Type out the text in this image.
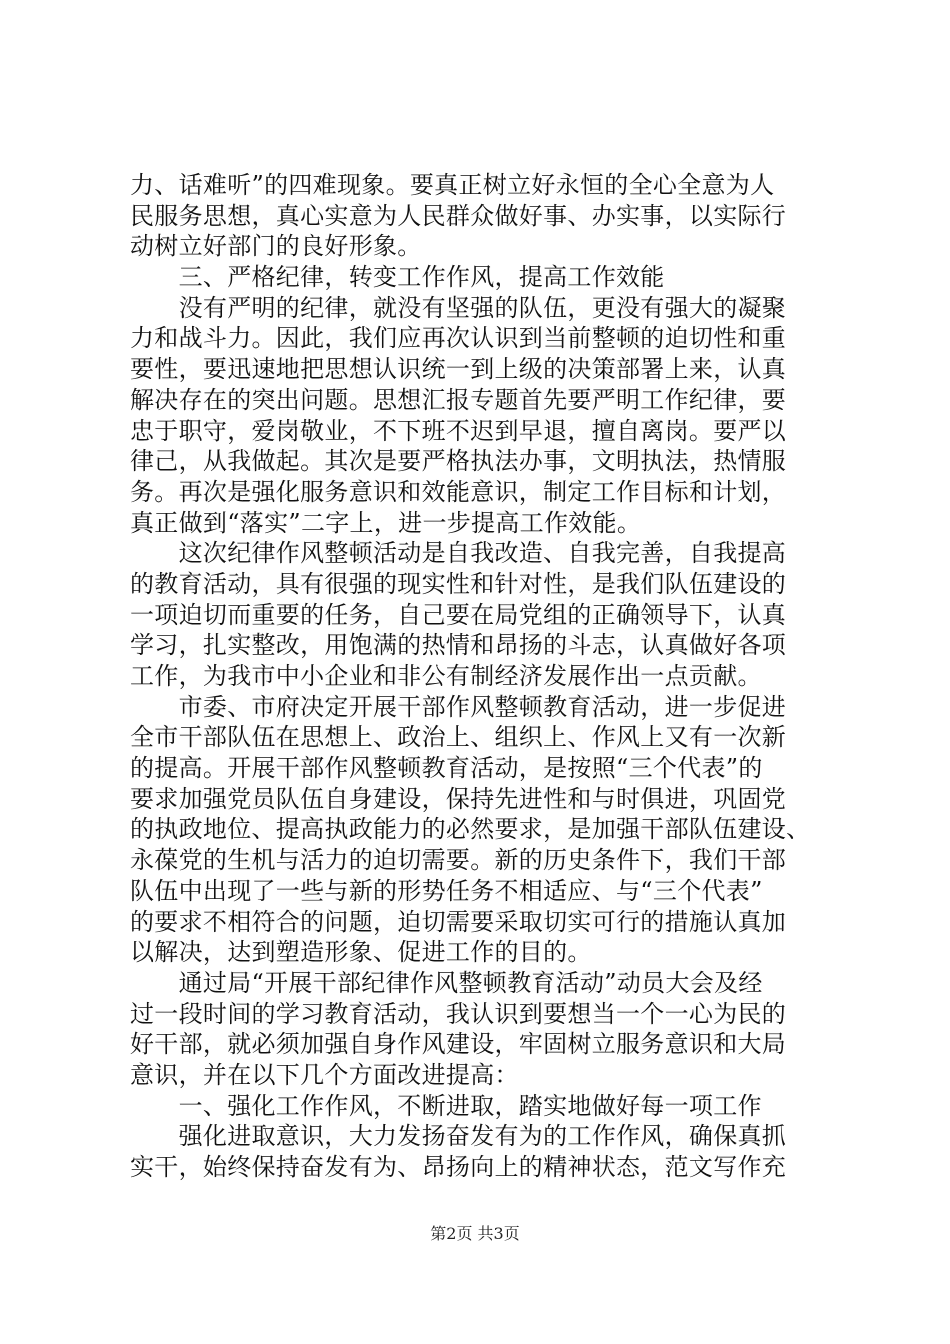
力、话难听”的四难现象。要真正树立好永恒的全心全意为人
民服务思想，真心实意为人民群众做好事、办实事，以实际行
动树立好部门的良好形象。
　　三、严格纪律，转变工作作风，提高工作效能
　　没有严明的纪律，就没有坚强的队伍，更没有强大的凝聚
力和战斗力。因此，我们应再次认识到当前整顿的迫切性和重
要性，要迅速地把思想认识统一到上级的决策部署上来，认真
解决存在的突出问题。思想汇报专题首先要严明工作纪律，要
忠于职守，爱岗敬业，不下班不迟到早退，擅自离岗。要严以
律己，从我做起。其次是要严格执法办事，文明执法，热情服
务。再次是强化服务意识和效能意识，制定工作目标和计划，
真正做到“落实”二字上，进一步提高工作效能。
　　这次纪律作风整顿活动是自我改造、自我完善，自我提高
的教育活动，具有很强的现实性和针对性，是我们队伍建设的
一项迫切而重要的任务，自己要在局党组的正确领导下，认真
学习，扎实整改，用饱满的热情和昂扬的斗志，认真做好各项
工作，为我市中小企业和非公有制经济发展作出一点贡献。
　　市委、市府决定开展干部作风整顿教育活动，进一步促进
全市干部队伍在思想上、政治上、组织上、作风上又有一次新
的提高。开展干部作风整顿教育活动，是按照“三个代表”的
要求加强党员队伍自身建设，保持先进性和与时俱进，巩固党
的执政地位、提高执政能力的必然要求，是加强干部队伍建设、
永葆党的生机与活力的迫切需要。新的历史条件下，我们干部
队伍中出现了一些与新的形势任务不相适应、与“三个代表”
的要求不相符合的问题，迫切需要采取切实可行的措施认真加
以解决，达到塑造形象、促进工作的目的。
　　通过局“开展干部纪律作风整顿教育活动”动员大会及经
过一段时间的学习教育活动，我认识到要想当一个一心为民的
好干部，就必须加强自身作风建设，牢固树立服务意识和大局
意识，并在以下几个方面改进提高：
　　一、强化工作作风，不断进取，踏实地做好每一项工作
　　强化进取意识，大力发扬奋发有为的工作作风，确保真抓
实干，始终保持奋发有为、昂扬向上的精神状态，范文写作充
第2页 共3页
